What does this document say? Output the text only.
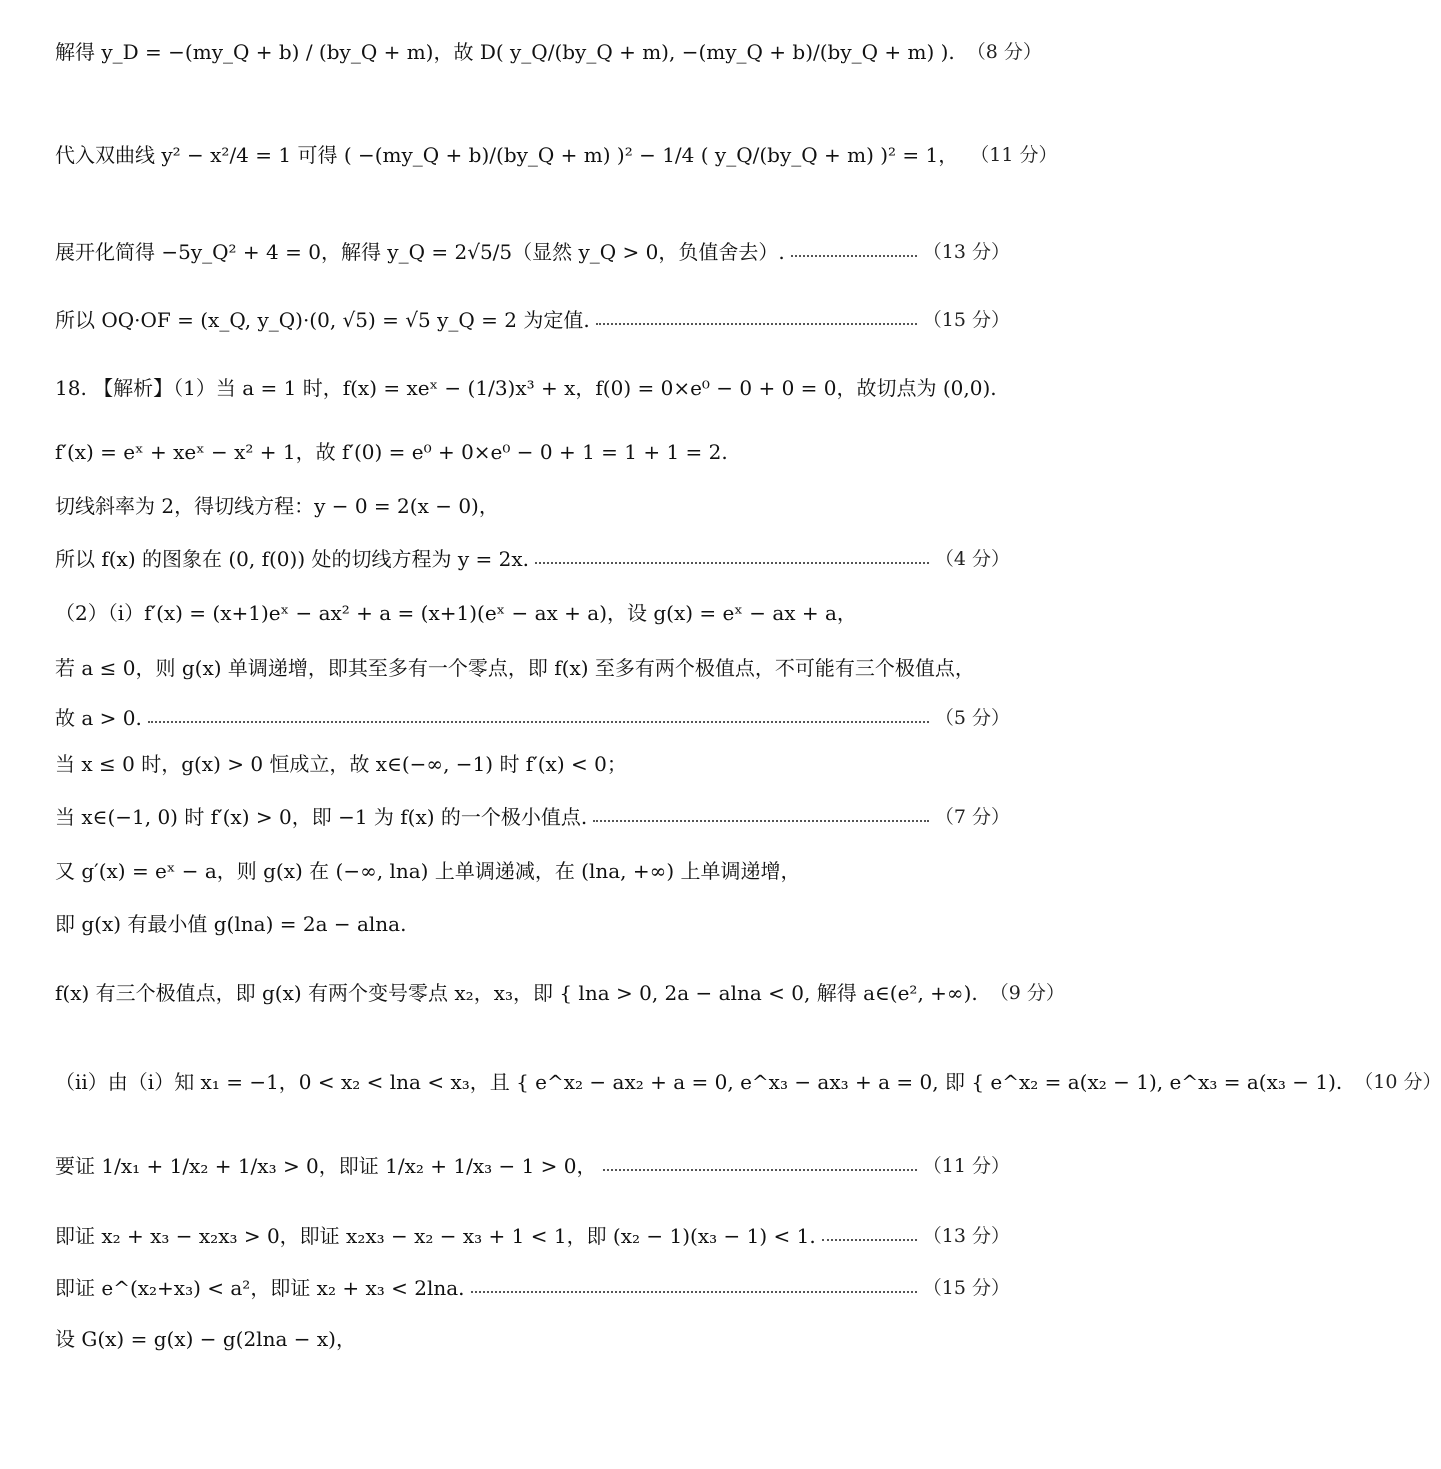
解得 y_D = −(my_Q + b) / (by_Q + m)，故 D( y_Q/(by_Q + m), −(my_Q + b)/(by_Q + m) ). （8 分）
代入双曲线 y² − x²/4 = 1 可得 ( −(my_Q + b)/(by_Q + m) )² − 1/4 ( y_Q/(by_Q + m) )² = 1， （11 分）
展开化简得 −5y_Q² + 4 = 0，解得 y_Q = 2√5/5（显然 y_Q > 0，负值舍去）.	（13 分）
所以 OQ·OF = (x_Q, y_Q)·(0, √5) = √5 y_Q = 2 为定值.	（15 分）
18. 【解析】（1）当 a = 1 时，f(x) = xeˣ − (1/3)x³ + x，f(0) = 0×e⁰ − 0 + 0 = 0，故切点为 (0,0).
f′(x) = eˣ + xeˣ − x² + 1，故 f′(0) = e⁰ + 0×e⁰ − 0 + 1 = 1 + 1 = 2.
切线斜率为 2，得切线方程：y − 0 = 2(x − 0)，
所以 f(x) 的图象在 (0, f(0)) 处的切线方程为 y = 2x.	（4 分）
（2）（ⅰ）f′(x) = (x+1)eˣ − ax² + a = (x+1)(eˣ − ax + a)，设 g(x) = eˣ − ax + a，
若 a ≤ 0，则 g(x) 单调递增，即其至多有一个零点，即 f(x) 至多有两个极值点，不可能有三个极值点，
故 a > 0.	（5 分）
当 x ≤ 0 时，g(x) > 0 恒成立，故 x∈(−∞, −1) 时 f′(x) < 0；
当 x∈(−1, 0) 时 f′(x) > 0，即 −1 为 f(x) 的一个极小值点.	（7 分）
又 g′(x) = eˣ − a，则 g(x) 在 (−∞, lna) 上单调递减，在 (lna, +∞) 上单调递增，
即 g(x) 有最小值 g(lna) = 2a − alna.
f(x) 有三个极值点，即 g(x) 有两个变号零点 x₂，x₃，即 { lna > 0, 2a − alna < 0, 解得 a∈(e², +∞). （9 分）
（ⅱ）由（ⅰ）知 x₁ = −1，0 < x₂ < lna < x₃，且 { e^x₂ − ax₂ + a = 0, e^x₃ − ax₃ + a = 0, 即 { e^x₂ = a(x₂ − 1), e^x₃ = a(x₃ − 1). （10 分）
要证 1/x₁ + 1/x₂ + 1/x₃ > 0，即证 1/x₂ + 1/x₃ − 1 > 0，	（11 分）
即证 x₂ + x₃ − x₂x₃ > 0，即证 x₂x₃ − x₂ − x₃ + 1 < 1，即 (x₂ − 1)(x₃ − 1) < 1.	（13 分）
即证 e^(x₂+x₃) < a²，即证 x₂ + x₃ < 2lna.	（15 分）
设 G(x) = g(x) − g(2lna − x)，
